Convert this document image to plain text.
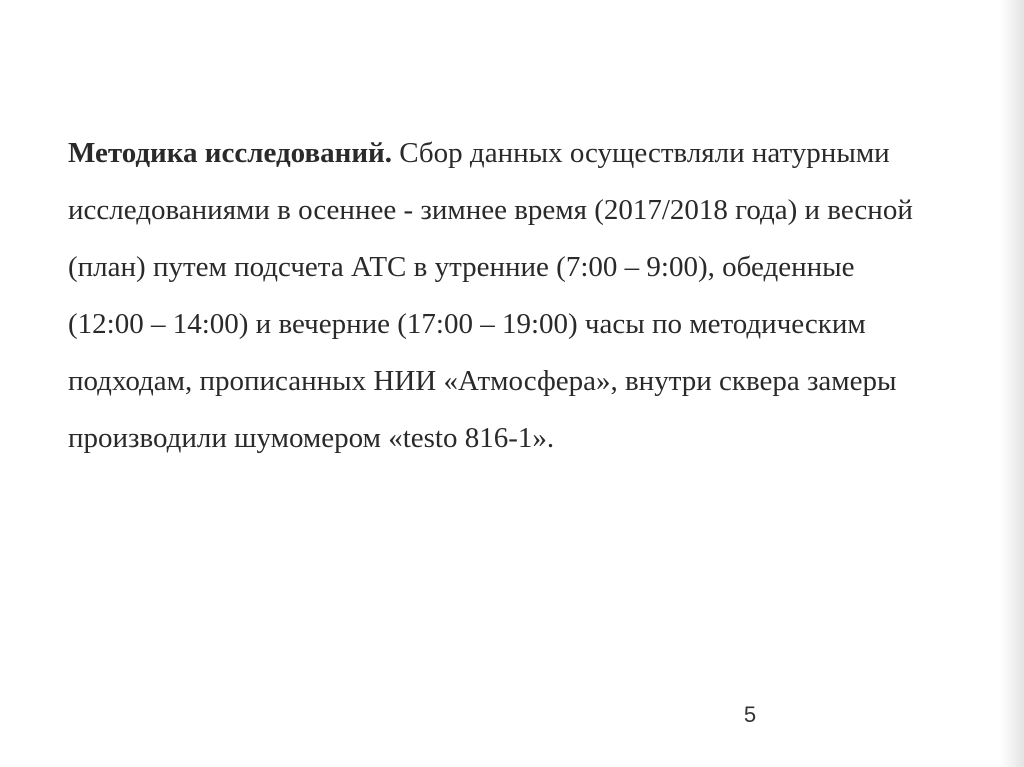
Методика исследований. Сбор данных осуществляли натурными
исследованиями в осеннее - зимнее время (2017/2018 года) и весной
(план) путем подсчета АТС в утренние (7:00 – 9:00), обеденные
(12:00 – 14:00) и вечерние (17:00 – 19:00) часы по методическим
подходам, прописанных НИИ «Атмосфера», внутри сквера замеры
производили шумомером «testo 816-1».
5
